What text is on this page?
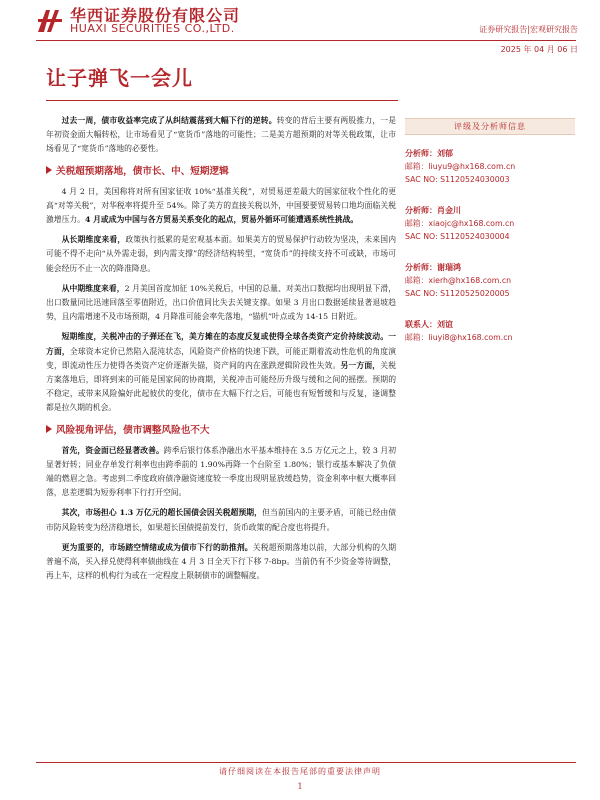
华西证券股份有限公司
HUAXI SECURITIES CO.,LTD.	证券研究报告|宏观研究报告
2025 年 04 月 06 日
让子弹飞一会儿

过去一周，债市收益率完成了从纠结震荡到大幅下行的逆转。转变的背后主要有两股推力，一是年初资金面大幅转松，让市场看见了“宽货币”落地的可能性；二是美方超预期的对等关税政策，让市场看见了“宽货币”落地的必要性。

关税超预期落地，债市长、中、短期逻辑

4 月 2 日，美国称将对所有国家征收 10%“基准关税”，对贸易逆差最大的国家征收个性化的更高“对等关税”，对华税率将提升至 54%。除了美方的直接关税以外，中国要要贸易转口地均面临关税激增压力。4 月或成为中国与各方贸易关系变化的起点，贸易外循环可能遭遇系统性挑战。

从长期维度来看，政策执行抵累的是宏观基本面。如果美方的贸易保护行动较为坚决，未来国内可能不得不走向“从外需走弱，到内需支撑”的经济结构转型，“宽货币”的持续支持不可或缺，市场可能会经历不止一次的降准降息。

从中期维度来看，2 月美国首度加征 10%关税后，中国的总量、对美出口数据均出现明显下滑，出口数量同比迅速回落至零值附近，出口价值同比失去关键支撑。如果 3 月出口数据延续显著退坡趋势，且内需增速不及市场预期，4 月降准可能会率先落地，“锚机”叶点或为 14-15 日附近。

短期维度，关税冲击的子弹还在飞，美方摊在的态度反复或使得全球各类资产定价持续波动。一方面，全球资本定价已然陷入混沌状态，风险资产价格的快速下跌，可能正期着流动性危机的角度演变，即流动性压力使得各类资产定价逐渐失锚，资产间的内在涨跌逻辑阶段性失效。另一方面，关税方案落地后，即将到来的可能是国家间的协商期，关税冲击可能经历升级与缓和之间的摇摆。预期的不稳定，或带来风险偏好此起彼伏的变化，债市在大幅下行之后，可能也有短暂缓和与反复，逢调整都是拉久期的机会。

风险视角评估，债市调整风险也不大

首先，资金面已经显著改善。跨季后银行体系净融出水平基本维持在 3.5 万亿元之上，较 3 月初显著好转；同业存单发行利率也由跨季前的 1.90%再降一个台阶至 1.80%；银行或基本解决了负债端的燃眉之急。考虑到二季度政府债净融资速度较一季度出现明显放缓趋势，资金利率中枢大概率回落，息差逻辑为短券利率下行打开空间。

其次，市场担心 1.3 万亿元的超长国债会因关税超预期，但当前国内的主要矛盾，可能已经由债市防风险转变为经济稳增长，如果超长国债提前发行，货币政策的配合度也将提升。

更为重要的，市场踏空情绪或成为债市下行的助推剂。关税超预期落地以前，大部分机构的久期普遍不高，买入择兑使得利率债曲线在 4 月 3 日全天下行下移 7-8bp。当前仍有不少资金等待调整，再上车，这样的机构行为或在一定程度上限制债市的调整幅度。

评级及分析师信息
分析师：刘郁
邮箱：liuyu9@hx168.com.cn
SAC NO: S1120524030003
分析师：肖金川
邮箱：xiaojc@hx168.com.cn
SAC NO: S1120524030004
分析师：谢瑞鸿
邮箱：xierh@hx168.com.cn
SAC NO: S1120525020005
联系人：刘谊
邮箱：liuyi8@hx168.com.cn
请仔细阅读在本报告尾部的重要法律声明
1
